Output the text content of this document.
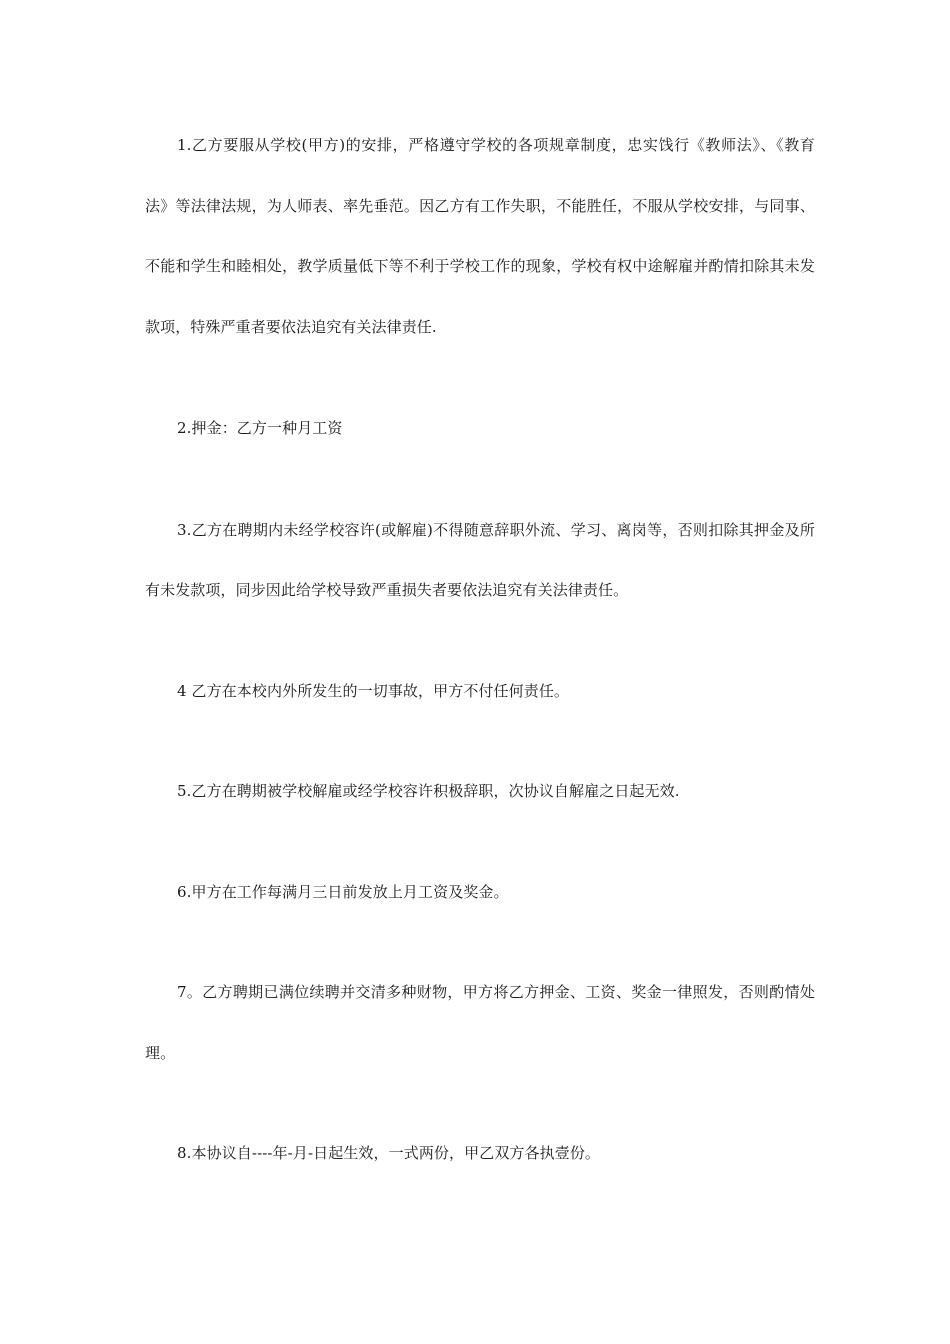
1.乙方要服从学校(甲方)的安排，严格遵守学校的各项规章制度，忠实饯行《教师法》、《教育法》等法律法规，为人师表、率先垂范。因乙方有工作失职，不能胜任，不服从学校安排，与同事、不能和学生和睦相处，教学质量低下等不利于学校工作的现象，学校有权中途解雇并酌情扣除其未发款项，特殊严重者要依法追究有关法律责任.

2.押金：乙方一种月工资

3.乙方在聘期内未经学校容许(或解雇)不得随意辞职外流、学习、离岗等，否则扣除其押金及所有未发款项，同步因此给学校导致严重损失者要依法追究有关法律责任。

4 乙方在本校内外所发生的一切事故，甲方不付任何责任。

5.乙方在聘期被学校解雇或经学校容许积极辞职，次协议自解雇之日起无效.

6.甲方在工作每满月三日前发放上月工资及奖金。

7。乙方聘期已满位续聘并交清多种财物，甲方将乙方押金、工资、奖金一律照发，否则酌情处理。

8.本协议自----年-月-日起生效，一式两份，甲乙双方各执壹份。
